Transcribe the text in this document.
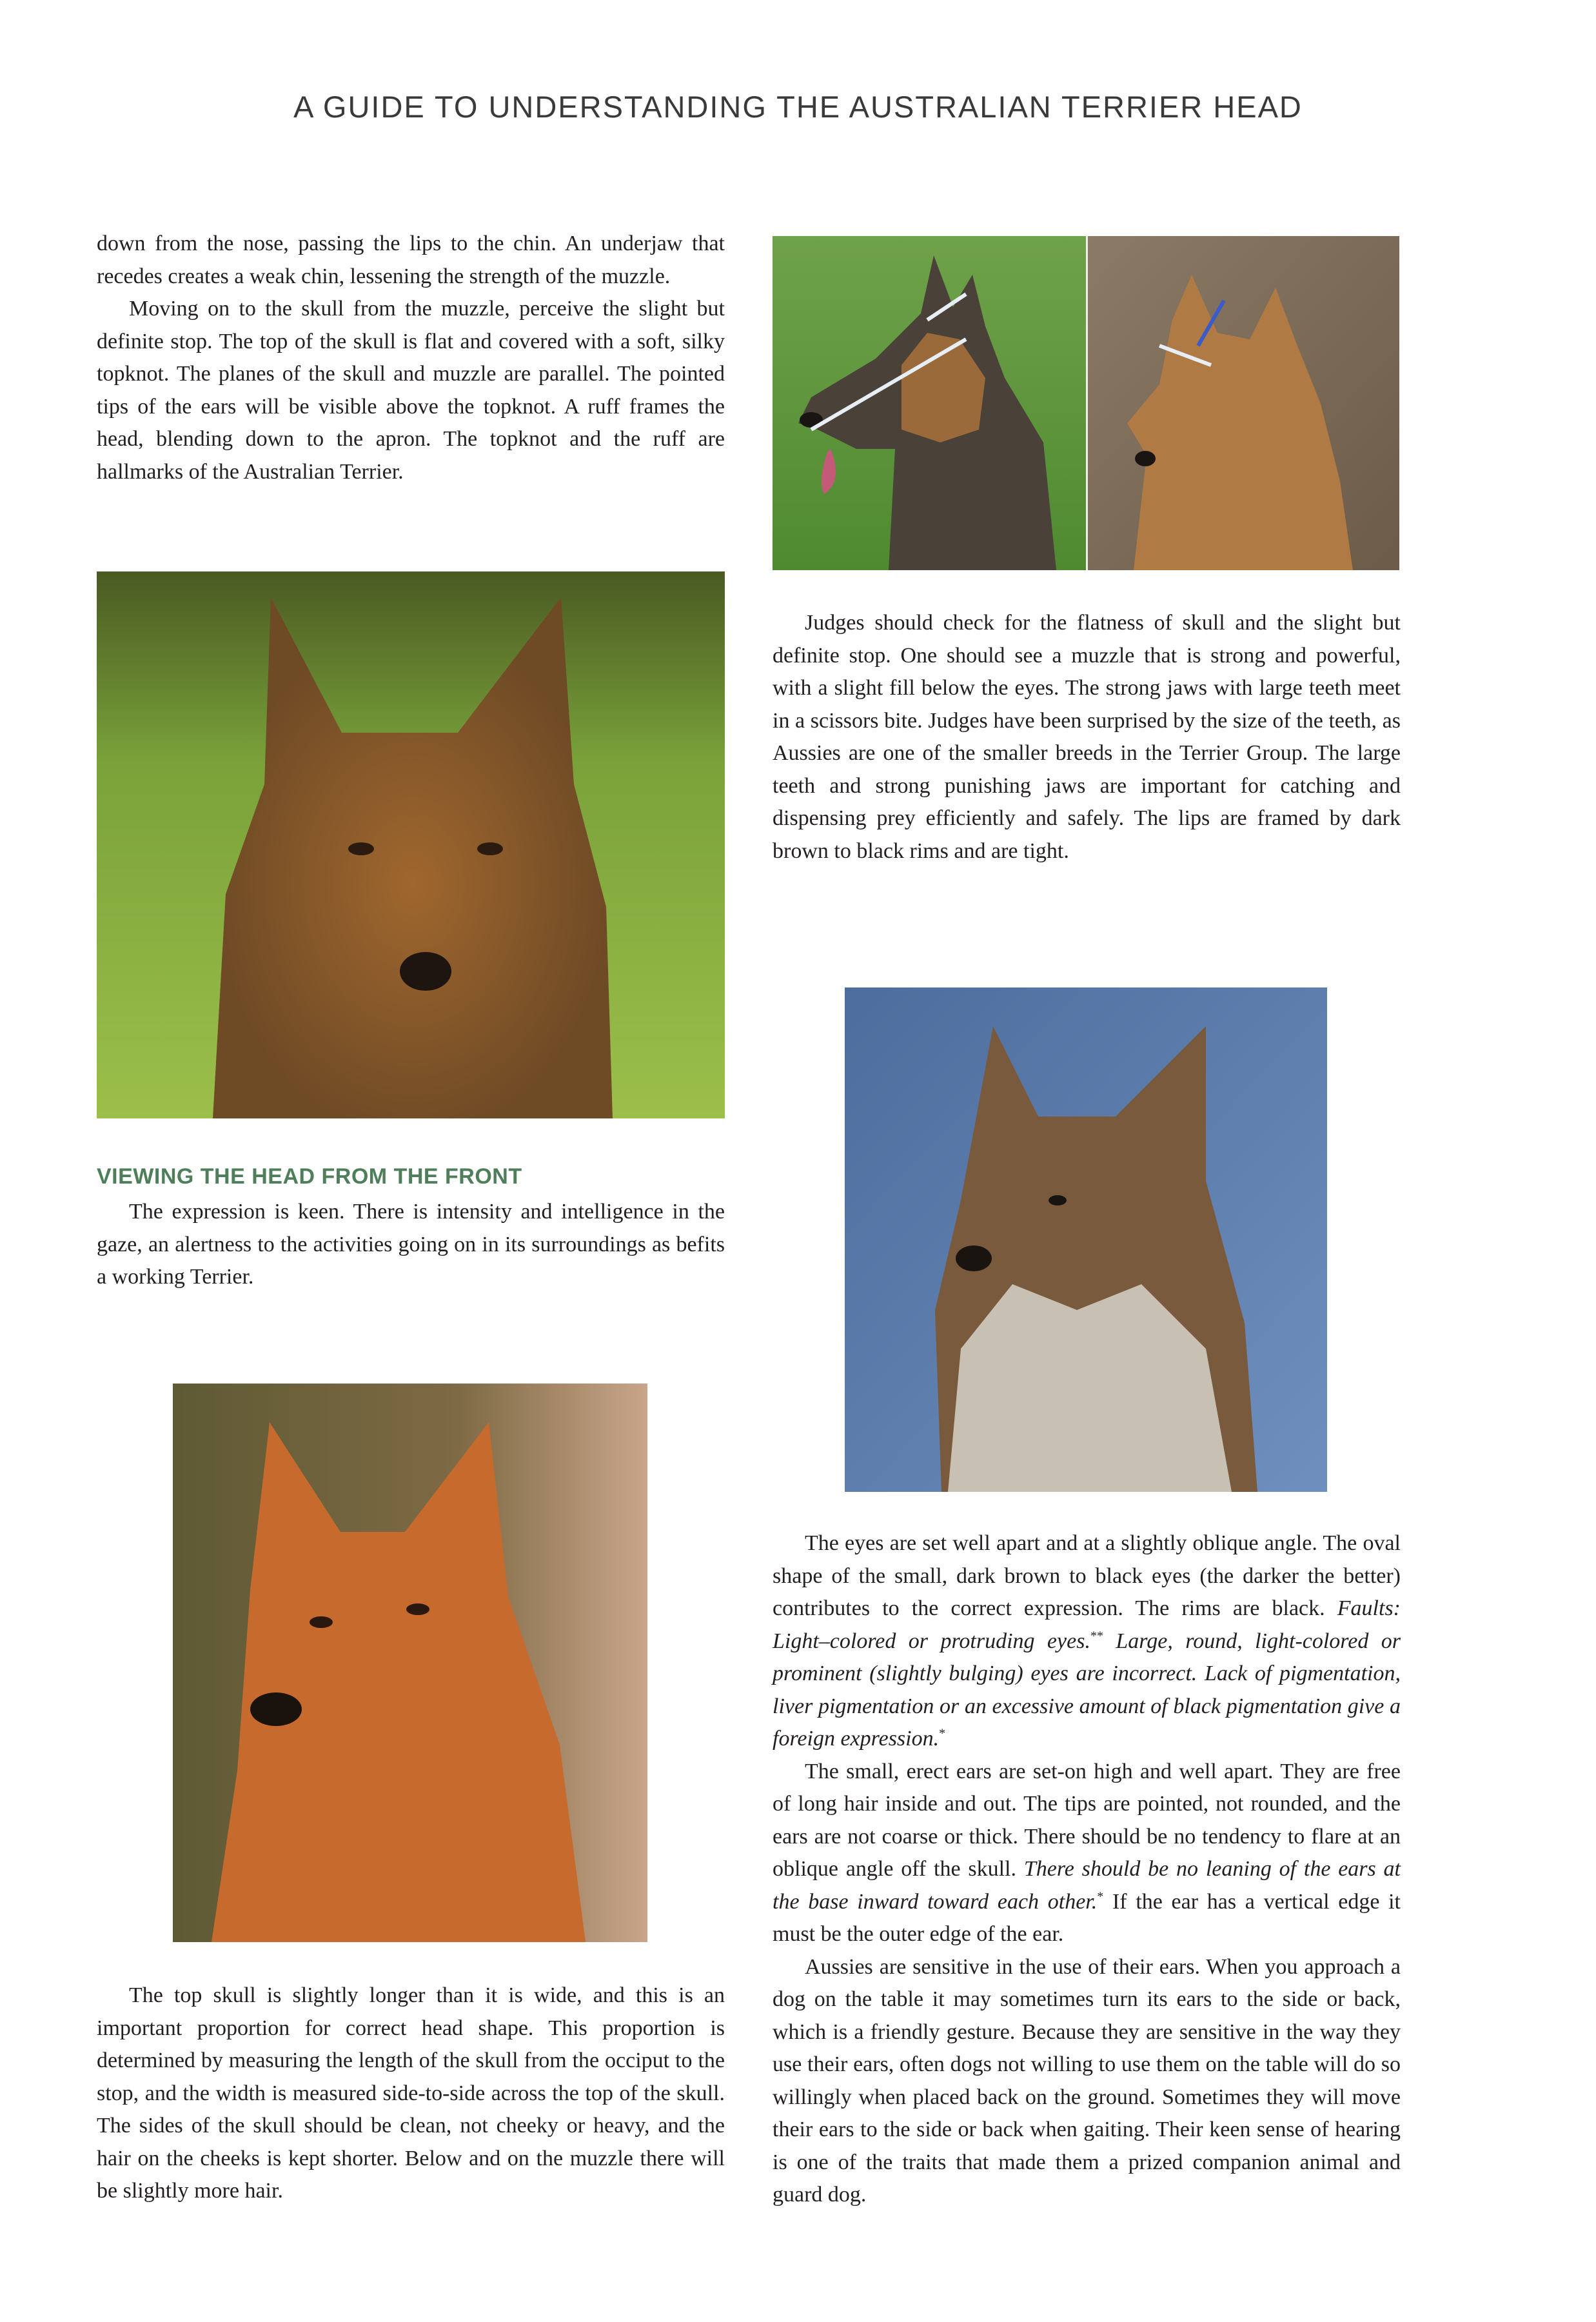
A GUIDE TO UNDERSTANDING THE AUSTRALIAN TERRIER HEAD

down from the nose, passing the lips to the chin. An underjaw that recedes creates a weak chin, lessening the strength of the muzzle.

Moving on to the skull from the muzzle, perceive the slight but definite stop. The top of the skull is flat and covered with a soft, silky topknot. The planes of the skull and muzzle are parallel. The pointed tips of the ears will be visible above the topknot. A ruff frames the head, blending down to the apron. The topknot and the ruff are hallmarks of the Australian Terrier.

Judges should check for the flatness of skull and the slight but definite stop. One should see a muzzle that is strong and powerful, with a slight fill below the eyes. The strong jaws with large teeth meet in a scissors bite. Judges have been surprised by the size of the teeth, as Aussies are one of the smaller breeds in the Terrier Group. The large teeth and strong punishing jaws are important for catching and dispensing prey efficiently and safely. The lips are framed by dark brown to black rims and are tight.

VIEWING THE HEAD FROM THE FRONT

The expression is keen. There is intensity and intelligence in the gaze, an alertness to the activities going on in its surroundings as befits a working Terrier.

The eyes are set well apart and at a slightly oblique angle. The oval shape of the small, dark brown to black eyes (the darker the better) contributes to the correct expression. The rims are black. Faults: Light–colored or protruding eyes.** Large, round, light-colored or prominent (slightly bulging) eyes are incorrect. Lack of pigmentation, liver pigmentation or an excessive amount of black pigmentation give a foreign expression.*

The small, erect ears are set-on high and well apart. They are free of long hair inside and out. The tips are pointed, not rounded, and the ears are not coarse or thick. There should be no tendency to flare at an oblique angle off the skull. There should be no leaning of the ears at the base inward toward each other.* If the ear has a vertical edge it must be the outer edge of the ear.

Aussies are sensitive in the use of their ears. When you approach a dog on the table it may sometimes turn its ears to the side or back, which is a friendly gesture. Because they are sensitive in the way they use their ears, often dogs not willing to use them on the table will do so willingly when placed back on the ground. Sometimes they will move their ears to the side or back when gaiting. Their keen sense of hearing is one of the traits that made them a prized companion animal and guard dog.

The top skull is slightly longer than it is wide, and this is an important proportion for correct head shape. This proportion is determined by measuring the length of the skull from the occiput to the stop, and the width is measured side-to-side across the top of the skull. The sides of the skull should be clean, not cheeky or heavy, and the hair on the cheeks is kept shorter. Below and on the muzzle there will be slightly more hair.
